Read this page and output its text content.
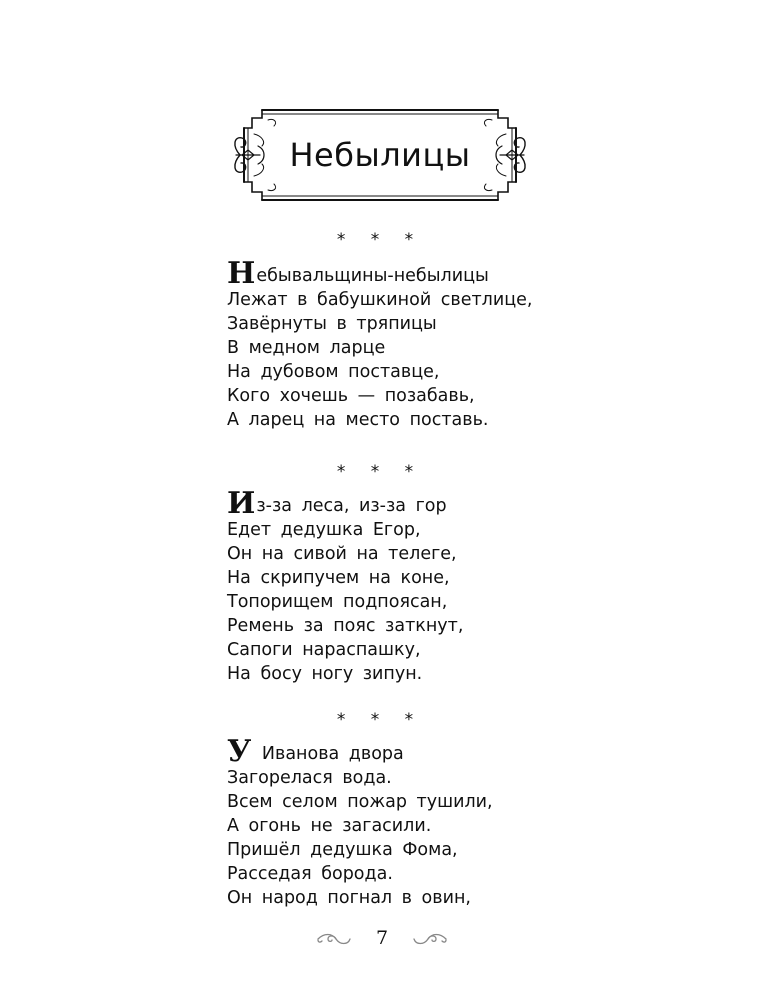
Небылицы
* * *
Небывальщины-небылицы
Лежат в бабушкиной светлице,
Завёрнуты в тряпицы
В медном ларце
На дубовом поставце,
Кого хочешь — позабавь,
А ларец на место поставь.
* * *
Из-за леса, из-за гор
Едет дедушка Егор,
Он на сивой на телеге,
На скрипучем на коне,
Топорищем подпоясан,
Ремень за пояс заткнут,
Сапоги нараспашку,
На босу ногу зипун.
* * *
У Иванова двора
Загорелася вода.
Всем селом пожар тушили,
А огонь не загасили.
Пришёл дедушка Фома,
Расседая борода.
Он народ погнал в овин,
7
